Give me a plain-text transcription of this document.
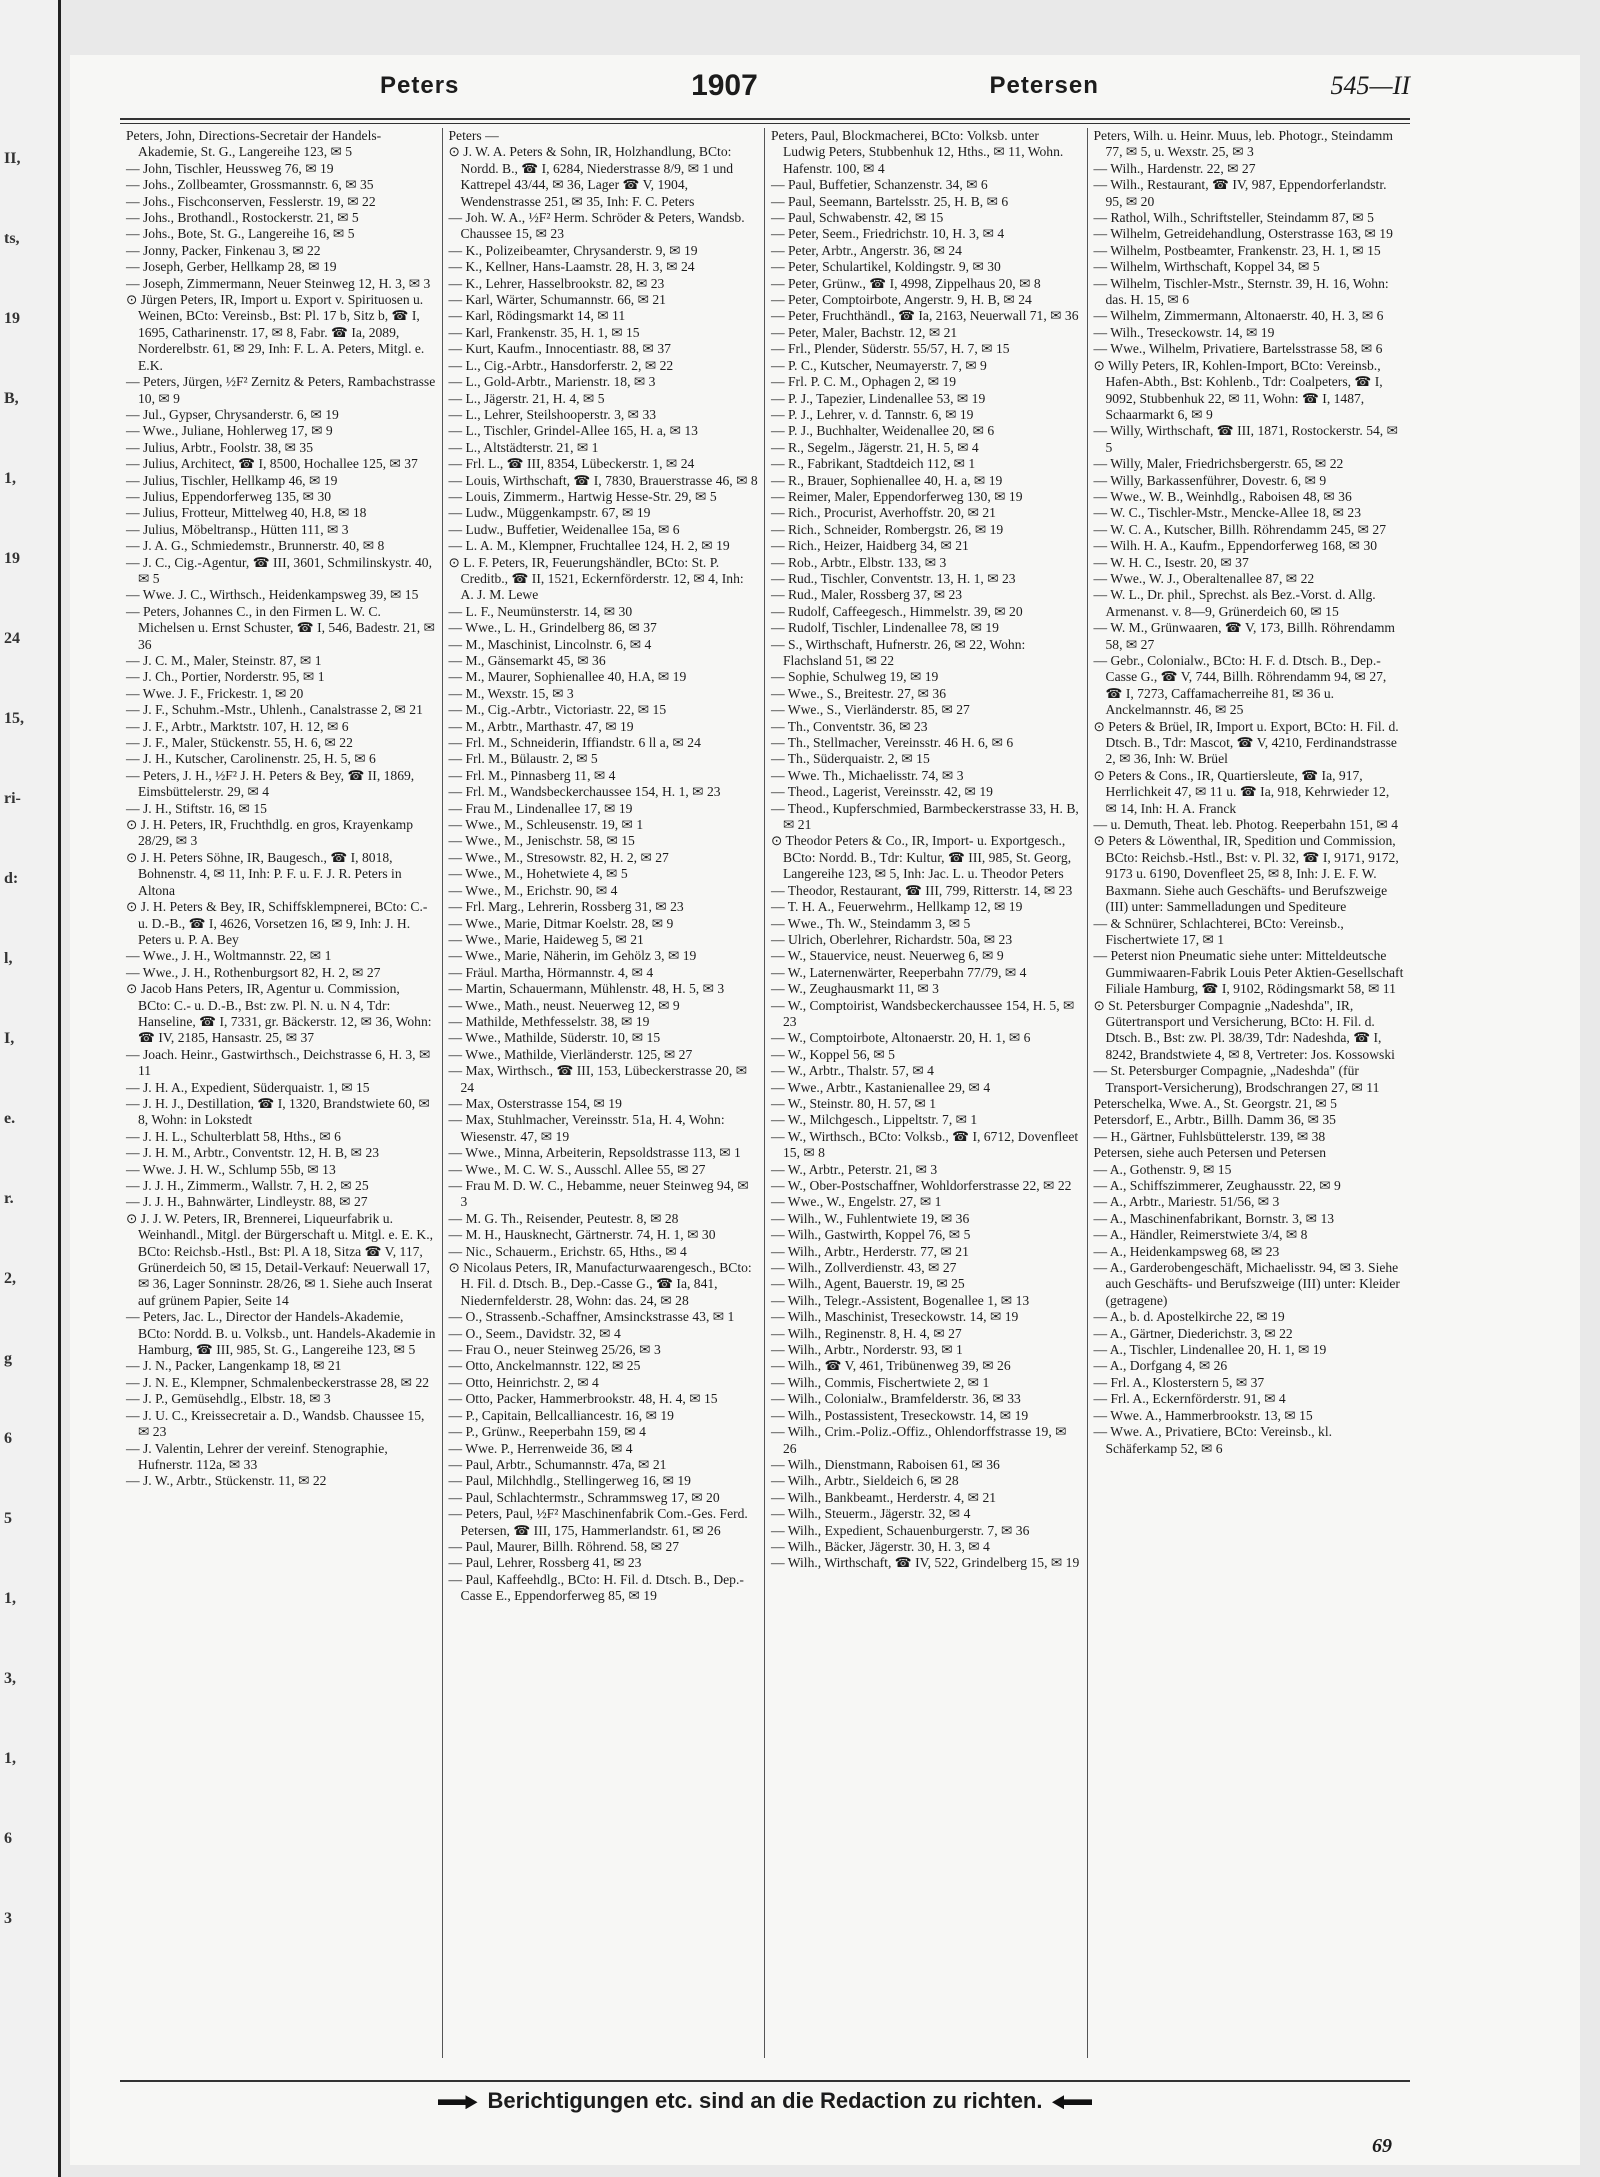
II,
ts,
19
B,
1,
19
24
15,
ri-
d:
l,
I,
e.
r.
2,
g
6
5
1,
3,
1,
6
3
Peters	1907	Petersen	545—II

Peters, John, Directions-Secretair der Handels-Akademie, St. G., Langereihe 123, ✉ 5

— John, Tischler, Heussweg 76, ✉ 19

— Johs., Zollbeamter, Grossmannstr. 6, ✉ 35

— Johs., Fischconserven, Fesslerstr. 19, ✉ 22

— Johs., Brothandl., Rostockerstr. 21, ✉ 5

— Johs., Bote, St. G., Langereihe 16, ✉ 5

— Jonny, Packer, Finkenau 3, ✉ 22

— Joseph, Gerber, Hellkamp 28, ✉ 19

— Joseph, Zimmermann, Neuer Steinweg 12, H. 3, ✉ 3

⊙ Jürgen Peters, IR, Import u. Export v. Spirituosen u. Weinen, BCto: Vereinsb., Bst: Pl. 17 b, Sitz b, ☎ I, 1695, Catharinenstr. 17, ✉ 8, Fabr. ☎ Ia, 2089, Norderelbstr. 61, ✉ 29, Inh: F. L. A. Peters, Mitgl. e. E.K.

— Peters, Jürgen, ½F² Zernitz & Peters, Rambachstrasse 10, ✉ 9

— Jul., Gypser, Chrysanderstr. 6, ✉ 19

— Wwe., Juliane, Hohlerweg 17, ✉ 9

— Julius, Arbtr., Foolstr. 38, ✉ 35

— Julius, Architect, ☎ I, 8500, Hochallee 125, ✉ 37

— Julius, Tischler, Hellkamp 46, ✉ 19

— Julius, Eppendorferweg 135, ✉ 30

— Julius, Frotteur, Mittelweg 40, H.8, ✉ 18

— Julius, Möbeltransp., Hütten 111, ✉ 3

— J. A. G., Schmiedemstr., Brunnerstr. 40, ✉ 8

— J. C., Cig.-Agentur, ☎ III, 3601, Schmilinskystr. 40, ✉ 5

— Wwe. J. C., Wirthsch., Heidenkampsweg 39, ✉ 15

— Peters, Johannes C., in den Firmen L. W. C. Michelsen u. Ernst Schuster, ☎ I, 546, Badestr. 21, ✉ 36

— J. C. M., Maler, Steinstr. 87, ✉ 1

— J. Ch., Portier, Norderstr. 95, ✉ 1

— Wwe. J. F., Frickestr. 1, ✉ 20

— J. F., Schuhm.-Mstr., Uhlenh., Canalstrasse 2, ✉ 21

— J. F., Arbtr., Marktstr. 107, H. 12, ✉ 6

— J. F., Maler, Stückenstr. 55, H. 6, ✉ 22

— J. H., Kutscher, Carolinenstr. 25, H. 5, ✉ 6

— Peters, J. H., ½F² J. H. Peters & Bey, ☎ II, 1869, Eimsbüttelerstr. 29, ✉ 4

— J. H., Stiftstr. 16, ✉ 15

⊙ J. H. Peters, IR, Fruchthdlg. en gros, Krayenkamp 28/29, ✉ 3

⊙ J. H. Peters Söhne, IR, Baugesch., ☎ I, 8018, Bohnenstr. 4, ✉ 11, Inh: P. F. u. F. J. R. Peters in Altona

⊙ J. H. Peters & Bey, IR, Schiffsklempnerei, BCto: C.- u. D.-B., ☎ I, 4626, Vorsetzen 16, ✉ 9, Inh: J. H. Peters u. P. A. Bey

— Wwe., J. H., Woltmannstr. 22, ✉ 1

— Wwe., J. H., Rothenburgsort 82, H. 2, ✉ 27

⊙ Jacob Hans Peters, IR, Agentur u. Commission, BCto: C.- u. D.-B., Bst: zw. Pl. N. u. N 4, Tdr: Hanseline, ☎ I, 7331, gr. Bäckerstr. 12, ✉ 36, Wohn: ☎ IV, 2185, Hansastr. 25, ✉ 37

— Joach. Heinr., Gastwirthsch., Deichstrasse 6, H. 3, ✉ 11

— J. H. A., Expedient, Süderquaistr. 1, ✉ 15

— J. H. J., Destillation, ☎ I, 1320, Brandstwiete 60, ✉ 8, Wohn: in Lokstedt

— J. H. L., Schulterblatt 58, Hths., ✉ 6

— J. H. M., Arbtr., Conventstr. 12, H. B, ✉ 23

— Wwe. J. H. W., Schlump 55b, ✉ 13

— J. J. H., Zimmerm., Wallstr. 7, H. 2, ✉ 25

— J. J. H., Bahnwärter, Lindleystr. 88, ✉ 27

⊙ J. J. W. Peters, IR, Brennerei, Liqueurfabrik u. Weinhandl., Mitgl. der Bürgerschaft u. Mitgl. e. E. K., BCto: Reichsb.-Hstl., Bst: Pl. A 18, Sitza ☎ V, 117, Grünerdeich 50, ✉ 15, Detail-Verkauf: Neuerwall 17, ✉ 36, Lager Sonninstr. 28/26, ✉ 1. Siehe auch Inserat auf grünem Papier, Seite 14

— Peters, Jac. L., Director der Handels-Akademie, BCto: Nordd. B. u. Volksb., unt. Handels-Akademie in Hamburg, ☎ III, 985, St. G., Langereihe 123, ✉ 5

— J. N., Packer, Langenkamp 18, ✉ 21

— J. N. E., Klempner, Schmalenbeckerstrasse 28, ✉ 22

— J. P., Gemüsehdlg., Elbstr. 18, ✉ 3

— J. U. C., Kreissecretair a. D., Wandsb. Chaussee 15, ✉ 23

— J. Valentin, Lehrer der vereinf. Stenographie, Hufnerstr. 112a, ✉ 33

— J. W., Arbtr., Stückenstr. 11, ✉ 22

Peters —

⊙ J. W. A. Peters & Sohn, IR, Holzhandlung, BCto: Nordd. B., ☎ I, 6284, Niederstrasse 8/9, ✉ 1 und Kattrepel 43/44, ✉ 36, Lager ☎ V, 1904, Wendenstrasse 251, ✉ 35, Inh: F. C. Peters

— Joh. W. A., ½F² Herm. Schröder & Peters, Wandsb. Chaussee 15, ✉ 23

— K., Polizeibeamter, Chrysanderstr. 9, ✉ 19

— K., Kellner, Hans-Laamstr. 28, H. 3, ✉ 24

— K., Lehrer, Hasselbrookstr. 82, ✉ 23

— Karl, Wärter, Schumannstr. 66, ✉ 21

— Karl, Rödingsmarkt 14, ✉ 11

— Karl, Frankenstr. 35, H. 1, ✉ 15

— Kurt, Kaufm., Innocentiastr. 88, ✉ 37

— L., Cig.-Arbtr., Hansdorferstr. 2, ✉ 22

— L., Gold-Arbtr., Marienstr. 18, ✉ 3

— L., Jägerstr. 21, H. 4, ✉ 5

— L., Lehrer, Steilshooperstr. 3, ✉ 33

— L., Tischler, Grindel-Allee 165, H. a, ✉ 13

— L., Altstädterstr. 21, ✉ 1

— Frl. L., ☎ III, 8354, Lübeckerstr. 1, ✉ 24

— Louis, Wirthschaft, ☎ I, 7830, Brauerstrasse 46, ✉ 8

— Louis, Zimmerm., Hartwig Hesse-Str. 29, ✉ 5

— Ludw., Müggenkampstr. 67, ✉ 19

— Ludw., Buffetier, Weidenallee 15a, ✉ 6

— L. A. M., Klempner, Fruchtallee 124, H. 2, ✉ 19

⊙ L. F. Peters, IR, Feuerungshändler, BCto: St. P. Creditb., ☎ II, 1521, Eckernförderstr. 12, ✉ 4, Inh: A. J. M. Lewe

— L. F., Neumünsterstr. 14, ✉ 30

— Wwe., L. H., Grindelberg 86, ✉ 37

— M., Maschinist, Lincolnstr. 6, ✉ 4

— M., Gänsemarkt 45, ✉ 36

— M., Maurer, Sophienallee 40, H.A, ✉ 19

— M., Wexstr. 15, ✉ 3

— M., Cig.-Arbtr., Victoriastr. 22, ✉ 15

— M., Arbtr., Marthastr. 47, ✉ 19

— Frl. M., Schneiderin, Iffiandstr. 6 ll a, ✉ 24

— Frl. M., Bülaustr. 2, ✉ 5

— Frl. M., Pinnasberg 11, ✉ 4

— Frl. M., Wandsbeckerchaussee 154, H. 1, ✉ 23

— Frau M., Lindenallee 17, ✉ 19

— Wwe., M., Schleusenstr. 19, ✉ 1

— Wwe., M., Jenischstr. 58, ✉ 15

— Wwe., M., Stresowstr. 82, H. 2, ✉ 27

— Wwe., M., Hohetwiete 4, ✉ 5

— Wwe., M., Erichstr. 90, ✉ 4

— Frl. Marg., Lehrerin, Rossberg 31, ✉ 23

— Wwe., Marie, Ditmar Koelstr. 28, ✉ 9

— Wwe., Marie, Haideweg 5, ✉ 21

— Wwe., Marie, Näherin, im Gehölz 3, ✉ 19

— Fräul. Martha, Hörmannstr. 4, ✉ 4

— Martin, Schauermann, Mühlenstr. 48, H. 5, ✉ 3

— Wwe., Math., neust. Neuerweg 12, ✉ 9

— Mathilde, Methfesselstr. 38, ✉ 19

— Wwe., Mathilde, Süderstr. 10, ✉ 15

— Wwe., Mathilde, Vierländerstr. 125, ✉ 27

— Max, Wirthsch., ☎ III, 153, Lübeckerstrasse 20, ✉ 24

— Max, Osterstrasse 154, ✉ 19

— Max, Stuhlmacher, Vereinsstr. 51a, H. 4, Wohn: Wiesenstr. 47, ✉ 19

— Wwe., Minna, Arbeiterin, Repsoldstrasse 113, ✉ 1

— Wwe., M. C. W. S., Ausschl. Allee 55, ✉ 27

— Frau M. D. W. C., Hebamme, neuer Steinweg 94, ✉ 3

— M. G. Th., Reisender, Peutestr. 8, ✉ 28

— M. H., Hausknecht, Gärtnerstr. 74, H. 1, ✉ 30

— Nic., Schauerm., Erichstr. 65, Hths., ✉ 4

⊙ Nicolaus Peters, IR, Manufacturwaarengesch., BCto: H. Fil. d. Dtsch. B., Dep.-Casse G., ☎ Ia, 841, Niedernfelderstr. 28, Wohn: das. 24, ✉ 28

— O., Strassenb.-Schaffner, Amsinckstrasse 43, ✉ 1

— O., Seem., Davidstr. 32, ✉ 4

— Frau O., neuer Steinweg 25/26, ✉ 3

— Otto, Anckelmannstr. 122, ✉ 25

— Otto, Heinrichstr. 2, ✉ 4

— Otto, Packer, Hammerbrookstr. 48, H. 4, ✉ 15

— P., Capitain, Bellcalliancestr. 16, ✉ 19

— P., Grünw., Reeperbahn 159, ✉ 4

— Wwe. P., Herrenweide 36, ✉ 4

— Paul, Arbtr., Schumannstr. 47a, ✉ 21

— Paul, Milchhdlg., Stellingerweg 16, ✉ 19

— Paul, Schlachtermstr., Schrammsweg 17, ✉ 20

— Peters, Paul, ½F² Maschinenfabrik Com.-Ges. Ferd. Petersen, ☎ III, 175, Hammerlandstr. 61, ✉ 26

— Paul, Maurer, Billh. Röhrend. 58, ✉ 27

— Paul, Lehrer, Rossberg 41, ✉ 23

— Paul, Kaffeehdlg., BCto: H. Fil. d. Dtsch. B., Dep.-Casse E., Eppendorferweg 85, ✉ 19

Peters, Paul, Blockmacherei, BCto: Volksb. unter Ludwig Peters, Stubbenhuk 12, Hths., ✉ 11, Wohn. Hafenstr. 100, ✉ 4

— Paul, Buffetier, Schanzenstr. 34, ✉ 6

— Paul, Seemann, Bartelsstr. 25, H. B, ✉ 6

— Paul, Schwabenstr. 42, ✉ 15

— Peter, Seem., Friedrichstr. 10, H. 3, ✉ 4

— Peter, Arbtr., Angerstr. 36, ✉ 24

— Peter, Schulartikel, Koldingstr. 9, ✉ 30

— Peter, Grünw., ☎ I, 4998, Zippelhaus 20, ✉ 8

— Peter, Comptoirbote, Angerstr. 9, H. B, ✉ 24

— Peter, Fruchthändl., ☎ Ia, 2163, Neuerwall 71, ✉ 36

— Peter, Maler, Bachstr. 12, ✉ 21

— Frl., Plender, Süderstr. 55/57, H. 7, ✉ 15

— P. C., Kutscher, Neumayerstr. 7, ✉ 9

— Frl. P. C. M., Ophagen 2, ✉ 19

— P. J., Tapezier, Lindenallee 53, ✉ 19

— P. J., Lehrer, v. d. Tannstr. 6, ✉ 19

— P. J., Buchhalter, Weidenallee 20, ✉ 6

— R., Segelm., Jägerstr. 21, H. 5, ✉ 4

— R., Fabrikant, Stadtdeich 112, ✉ 1

— R., Brauer, Sophienallee 40, H. a, ✉ 19

— Reimer, Maler, Eppendorferweg 130, ✉ 19

— Rich., Procurist, Averhoffstr. 20, ✉ 21

— Rich., Schneider, Rombergstr. 26, ✉ 19

— Rich., Heizer, Haidberg 34, ✉ 21

— Rob., Arbtr., Elbstr. 133, ✉ 3

— Rud., Tischler, Conventstr. 13, H. 1, ✉ 23

— Rud., Maler, Rossberg 37, ✉ 23

— Rudolf, Caffeegesch., Himmelstr. 39, ✉ 20

— Rudolf, Tischler, Lindenallee 78, ✉ 19

— S., Wirthschaft, Hufnerstr. 26, ✉ 22, Wohn: Flachsland 51, ✉ 22

— Sophie, Schulweg 19, ✉ 19

— Wwe., S., Breitestr. 27, ✉ 36

— Wwe., S., Vierländerstr. 85, ✉ 27

— Th., Conventstr. 36, ✉ 23

— Th., Stellmacher, Vereinsstr. 46 H. 6, ✉ 6

— Th., Süderquaistr. 2, ✉ 15

— Wwe. Th., Michaelisstr. 74, ✉ 3

— Theod., Lagerist, Vereinsstr. 42, ✉ 19

— Theod., Kupferschmied, Barmbeckerstrasse 33, H. B, ✉ 21

⊙ Theodor Peters & Co., IR, Import- u. Exportgesch., BCto: Nordd. B., Tdr: Kultur, ☎ III, 985, St. Georg, Langereihe 123, ✉ 5, Inh: Jac. L. u. Theodor Peters

— Theodor, Restaurant, ☎ III, 799, Ritterstr. 14, ✉ 23

— T. H. A., Feuerwehrm., Hellkamp 12, ✉ 19

— Wwe., Th. W., Steindamm 3, ✉ 5

— Ulrich, Oberlehrer, Richardstr. 50a, ✉ 23

— W., Stauervice, neust. Neuerweg 6, ✉ 9

— W., Laternenwärter, Reeperbahn 77/79, ✉ 4

— W., Zeughausmarkt 11, ✉ 3

— W., Comptoirist, Wandsbeckerchaussee 154, H. 5, ✉ 23

— W., Comptoirbote, Altonaerstr. 20, H. 1, ✉ 6

— W., Koppel 56, ✉ 5

— W., Arbtr., Thalstr. 57, ✉ 4

— Wwe., Arbtr., Kastanienallee 29, ✉ 4

— W., Steinstr. 80, H. 57, ✉ 1

— W., Milchgesch., Lippeltstr. 7, ✉ 1

— W., Wirthsch., BCto: Volksb., ☎ I, 6712, Dovenfleet 15, ✉ 8

— W., Arbtr., Peterstr. 21, ✉ 3

— W., Ober-Postschaffner, Wohldorferstrasse 22, ✉ 22

— Wwe., W., Engelstr. 27, ✉ 1

— Wilh., W., Fuhlentwiete 19, ✉ 36

— Wilh., Gastwirth, Koppel 76, ✉ 5

— Wilh., Arbtr., Herderstr. 77, ✉ 21

— Wilh., Zollverdienstr. 43, ✉ 27

— Wilh., Agent, Bauerstr. 19, ✉ 25

— Wilh., Telegr.-Assistent, Bogenallee 1, ✉ 13

— Wilh., Maschinist, Treseckowstr. 14, ✉ 19

— Wilh., Reginenstr. 8, H. 4, ✉ 27

— Wilh., Arbtr., Norderstr. 93, ✉ 1

— Wilh., ☎ V, 461, Tribünenweg 39, ✉ 26

— Wilh., Commis, Fischertwiete 2, ✉ 1

— Wilh., Colonialw., Bramfelderstr. 36, ✉ 33

— Wilh., Postassistent, Treseckowstr. 14, ✉ 19

— Wilh., Crim.-Poliz.-Offiz., Ohlendorffstrasse 19, ✉ 26

— Wilh., Dienstmann, Raboisen 61, ✉ 36

— Wilh., Arbtr., Sieldeich 6, ✉ 28

— Wilh., Bankbeamt., Herderstr. 4, ✉ 21

— Wilh., Steuerm., Jägerstr. 32, ✉ 4

— Wilh., Expedient, Schauenburgerstr. 7, ✉ 36

— Wilh., Bäcker, Jägerstr. 30, H. 3, ✉ 4

— Wilh., Wirthschaft, ☎ IV, 522, Grindelberg 15, ✉ 19

Peters, Wilh. u. Heinr. Muus, leb. Photogr., Steindamm 77, ✉ 5, u. Wexstr. 25, ✉ 3

— Wilh., Hardenstr. 22, ✉ 27

— Wilh., Restaurant, ☎ IV, 987, Eppendorferlandstr. 95, ✉ 20

— Rathol, Wilh., Schriftsteller, Steindamm 87, ✉ 5

— Wilhelm, Getreidehandlung, Osterstrasse 163, ✉ 19

— Wilhelm, Postbeamter, Frankenstr. 23, H. 1, ✉ 15

— Wilhelm, Wirthschaft, Koppel 34, ✉ 5

— Wilhelm, Tischler-Mstr., Sternstr. 39, H. 16, Wohn: das. H. 15, ✉ 6

— Wilhelm, Zimmermann, Altonaerstr. 40, H. 3, ✉ 6

— Wilh., Treseckowstr. 14, ✉ 19

— Wwe., Wilhelm, Privatiere, Bartelsstrasse 58, ✉ 6

⊙ Willy Peters, IR, Kohlen-Import, BCto: Vereinsb., Hafen-Abth., Bst: Kohlenb., Tdr: Coalpeters, ☎ I, 9092, Stubbenhuk 22, ✉ 11, Wohn: ☎ I, 1487, Schaarmarkt 6, ✉ 9

— Willy, Wirthschaft, ☎ III, 1871, Rostockerstr. 54, ✉ 5

— Willy, Maler, Friedrichsbergerstr. 65, ✉ 22

— Willy, Barkassenführer, Dovestr. 6, ✉ 9

— Wwe., W. B., Weinhdlg., Raboisen 48, ✉ 36

— W. C., Tischler-Mstr., Mencke-Allee 18, ✉ 23

— W. C. A., Kutscher, Billh. Röhrendamm 245, ✉ 27

— Wilh. H. A., Kaufm., Eppendorferweg 168, ✉ 30

— W. H. C., Isestr. 20, ✉ 37

— Wwe., W. J., Oberaltenallee 87, ✉ 22

— W. L., Dr. phil., Sprechst. als Bez.-Vorst. d. Allg. Armenanst. v. 8—9, Grünerdeich 60, ✉ 15

— W. M., Grünwaaren, ☎ V, 173, Billh. Röhrendamm 58, ✉ 27

— Gebr., Colonialw., BCto: H. F. d. Dtsch. B., Dep.-Casse G., ☎ V, 744, Billh. Röhrendamm 94, ✉ 27, ☎ I, 7273, Caffamacherreihe 81, ✉ 36 u. Anckelmannstr. 46, ✉ 25

⊙ Peters & Brüel, IR, Import u. Export, BCto: H. Fil. d. Dtsch. B., Tdr: Mascot, ☎ V, 4210, Ferdinandstrasse 2, ✉ 36, Inh: W. Brüel

⊙ Peters & Cons., IR, Quartiersleute, ☎ Ia, 917, Herrlichkeit 47, ✉ 11 u. ☎ Ia, 918, Kehrwieder 12, ✉ 14, Inh: H. A. Franck

— u. Demuth, Theat. leb. Photog. Reeperbahn 151, ✉ 4

⊙ Peters & Löwenthal, IR, Spedition und Commission, BCto: Reichsb.-Hstl., Bst: v. Pl. 32, ☎ I, 9171, 9172, 9173 u. 6190, Dovenfleet 25, ✉ 8, Inh: J. E. F. W. Baxmann. Siehe auch Geschäfts- und Berufszweige (III) unter: Sammelladungen und Spediteure

— & Schnürer, Schlachterei, BCto: Vereinsb., Fischertwiete 17, ✉ 1

— Peterst nion Pneumatic siehe unter: Mitteldeutsche Gummiwaaren-Fabrik Louis Peter Aktien-Gesellschaft Filiale Hamburg, ☎ I, 9102, Rödingsmarkt 58, ✉ 11

⊙ St. Petersburger Compagnie „Nadeshda", IR, Gütertransport und Versicherung, BCto: H. Fil. d. Dtsch. B., Bst: zw. Pl. 38/39, Tdr: Nadeshda, ☎ I, 8242, Brandstwiete 4, ✉ 8, Vertreter: Jos. Kossowski

— St. Petersburger Compagnie, „Nadeshda" (für Transport-Versicherung), Brodschrangen 27, ✉ 11

Peterschelka, Wwe. A., St. Georgstr. 21, ✉ 5

Petersdorf, E., Arbtr., Billh. Damm 36, ✉ 35

— H., Gärtner, Fuhlsbüttelerstr. 139, ✉ 38

Petersen, siehe auch Petersen und Petersen

— A., Gothenstr. 9, ✉ 15

— A., Schiffszimmerer, Zeughausstr. 22, ✉ 9

— A., Arbtr., Mariestr. 51/56, ✉ 3

— A., Maschinenfabrikant, Bornstr. 3, ✉ 13

— A., Händler, Reimerstwiete 3/4, ✉ 8

— A., Heidenkampsweg 68, ✉ 23

— A., Garderobengeschäft, Michaelisstr. 94, ✉ 3. Siehe auch Geschäfts- und Berufszweige (III) unter: Kleider (getragene)

— A., b. d. Apostelkirche 22, ✉ 19

— A., Gärtner, Diederichstr. 3, ✉ 22

— A., Tischler, Lindenallee 20, H. 1, ✉ 19

— A., Dorfgang 4, ✉ 26

— Frl. A., Klosterstern 5, ✉ 37

— Frl. A., Eckernförderstr. 91, ✉ 4

— Wwe. A., Hammerbrookstr. 13, ✉ 15

— Wwe. A., Privatiere, BCto: Vereinsb., kl. Schäferkamp 52, ✉ 6

Berichtigungen etc. sind an die Redaction zu richten.
69
